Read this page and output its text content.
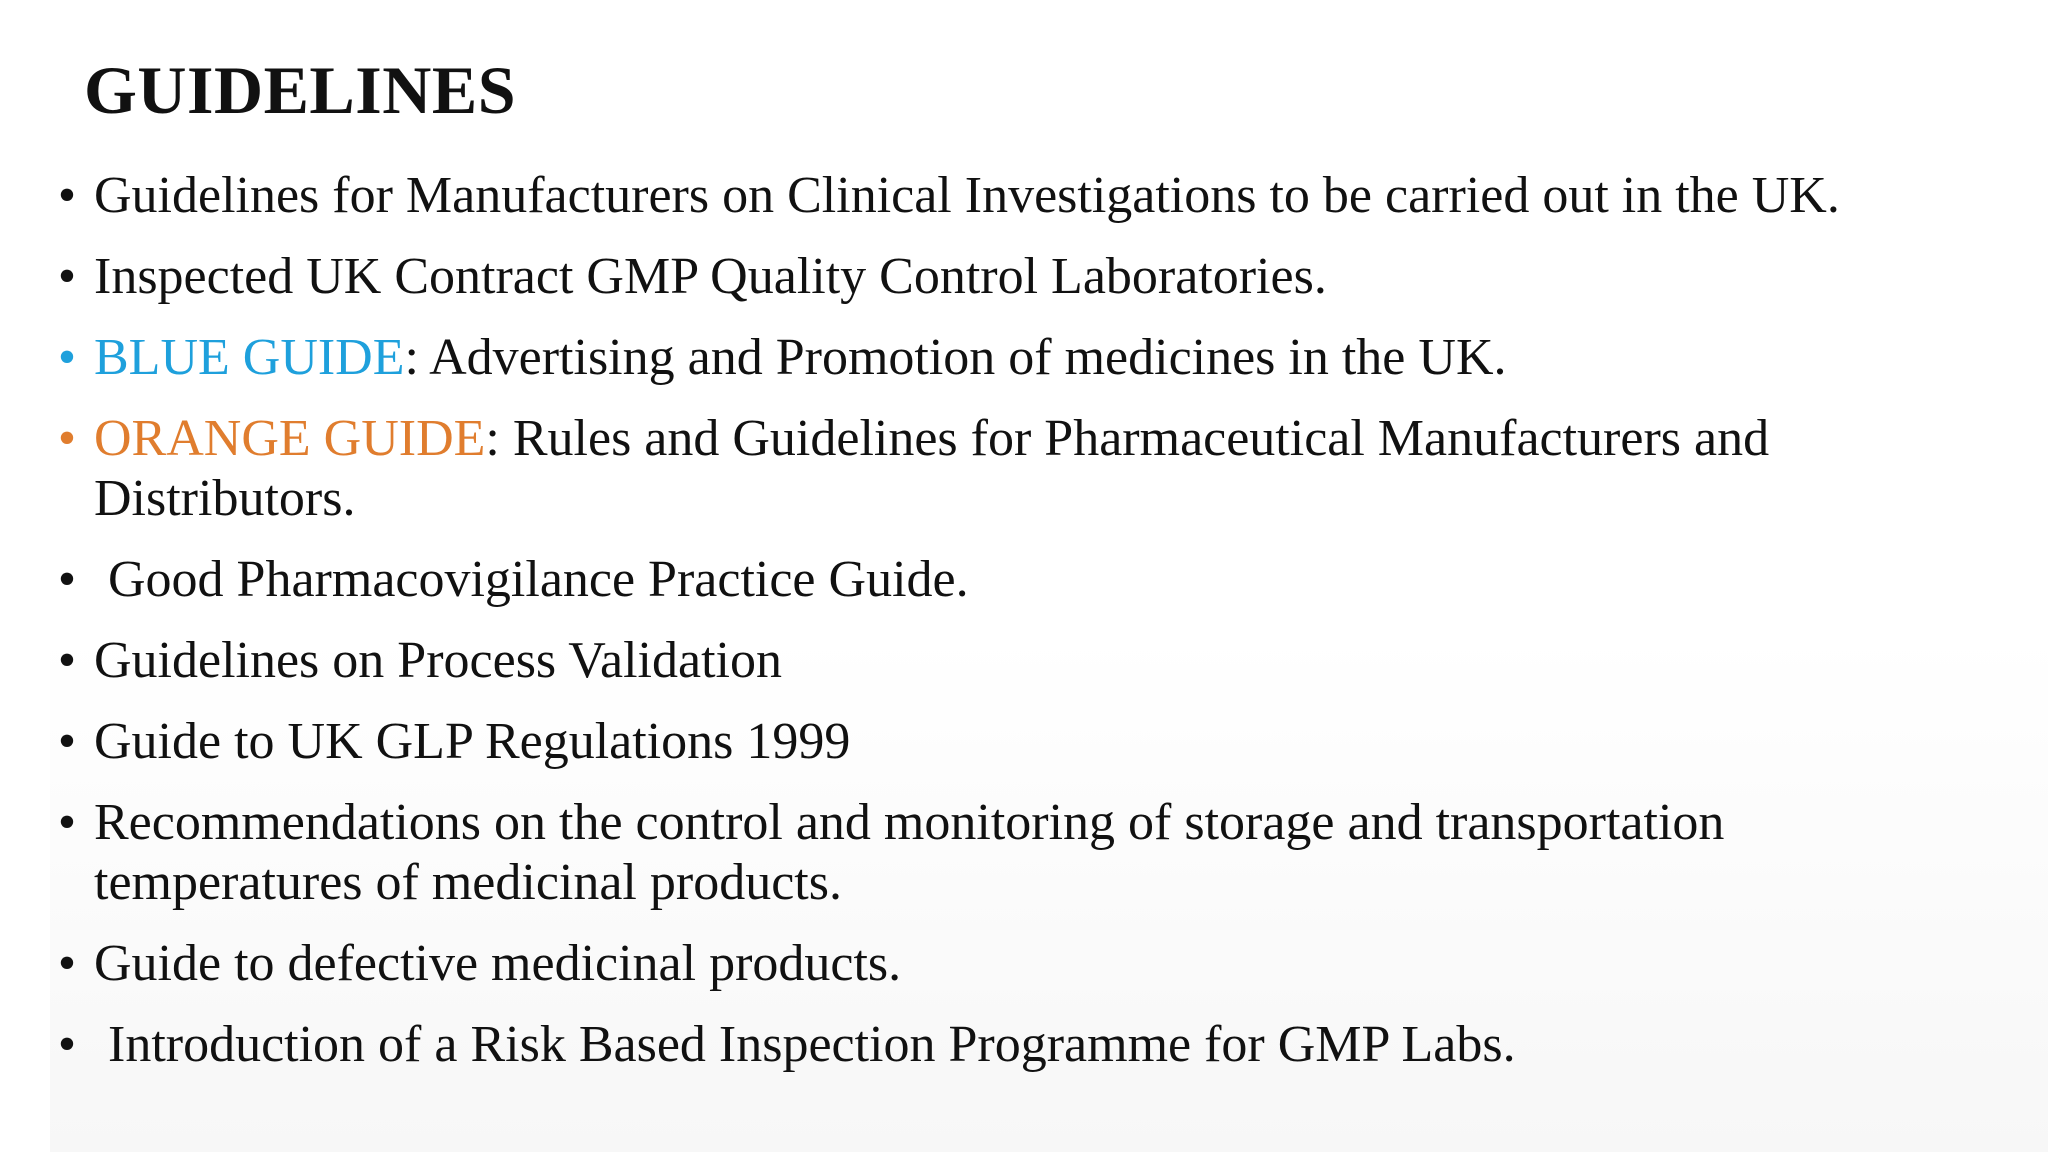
GUIDELINES
• Guidelines for Manufacturers on Clinical Investigations to be carried out in the UK.
• Inspected UK Contract GMP Quality Control Laboratories.
• BLUE GUIDE: Advertising and Promotion of medicines in the UK.
• ORANGE GUIDE: Rules and Guidelines for Pharmaceutical Manufacturers and Distributors.
• Good Pharmacovigilance Practice Guide.
• Guidelines on Process Validation
• Guide to UK GLP Regulations 1999
• Recommendations on the control and monitoring of storage and transportation temperatures of medicinal products.
• Guide to defective medicinal products.
• Introduction of a Risk Based Inspection Programme for GMP Labs.
